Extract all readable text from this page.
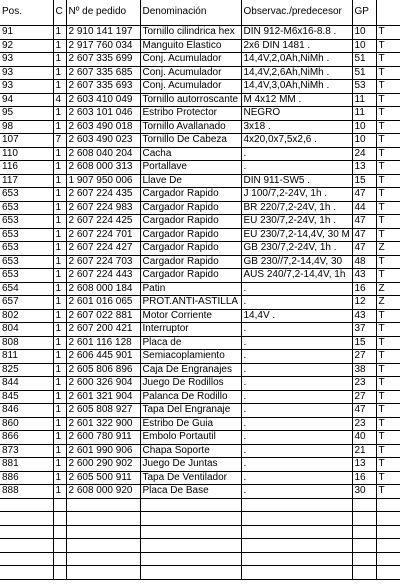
Pos.	C	Nº de pedido	Denominación	Observac./predecesor	GP	
91	1	2 910 141 197	Tornillo cilindrica hex	DIN 912-M6x16-8.8 .	10	T
92	1	2 917 760 034	Manguito Elastico	2x6 DIN 1481 .	10	T
93	1	2 607 335 699	Conj. Acumulador	14,4V,2,0Ah,NiMh .	51	T
93	1	2 607 335 685	Conj. Acumulador	14,4V,2,6Ah,NiMh .	51	T
93	1	2 607 335 693	Conj. Acumulador	14,4V,3,0Ah,NiMh .	53	T
94	4	2 603 410 049	Tornillo autorroscante	M 4x12 MM .	11	T
95	1	2 603 101 046	Estribo Protector	NEGRO	11	T
98	1	2 603 490 018	Tornillo Avallanado	3x18 .	10	T
107	7	2 603 490 023	Tornillo De Cabeza	4x20,0x7,5x2,6 .	10	T
110	1	2 608 040 204	Cacha	.	24	T
116	1	2 608 000 313	Portallave	.	13	T
117	1	1 907 950 006	Llave De	DIN 911-SW5 .	15	T
653	1	2 607 224 435	Cargador Rapido	J 100/7,2-24V, 1h .	47	T
653	1	2 607 224 983	Cargador Rapido	BR 220/7,2-24V, 1h .	44	T
653	1	2 607 224 425	Cargador Rapido	EU 230/7,2-24V, 1h .	47	T
653	1	2 607 224 701	Cargador Rapido	EU 230/7,2-14,4V, 30 M	47	T
653	1	2 607 224 427	Cargador Rapido	GB 230/7,2-24V, 1h .	47	Z
653	1	2 607 224 703	Cargador Rapido	GB 230//7,2-14,4V, 30	48	T
653	1	2 607 224 443	Cargador Rapido	AUS 240/7,2-14,4V, 1h	43	T
654	1	2 608 000 184	Patin	.	16	Z
657	1	2 601 016 065	PROT.ANTI-ASTILLA	.	12	Z
802	1	2 607 022 881	Motor Corriente	14,4V .	43	T
804	1	2 607 200 421	Interruptor	.	37	T
808	1	2 601 116 128	Placa de	.	15	T
811	1	2 606 445 901	Semiacoplamiento	.	27	T
825	1	2 605 806 896	Caja De Engranajes	.	38	T
844	1	2 600 326 904	Juego De Rodillos	.	23	T
845	1	2 601 321 904	Palanca De Rodillo	.	27	T
846	1	2 605 808 927	Tapa Del Engranaje	.	47	T
860	1	2 601 322 900	Estribo De Guia	.	23	T
866	1	2 600 780 911	Embolo Portautil	.	40	T
873	1	2 601 990 906	Chapa Soporte	.	21	T
881	1	2 600 290 902	Juego De Juntas	.	13	T
886	1	2 605 500 911	Tapa De Ventilador	.	16	T
888	1	2 608 000 920	Placa De Base	.	30	T
